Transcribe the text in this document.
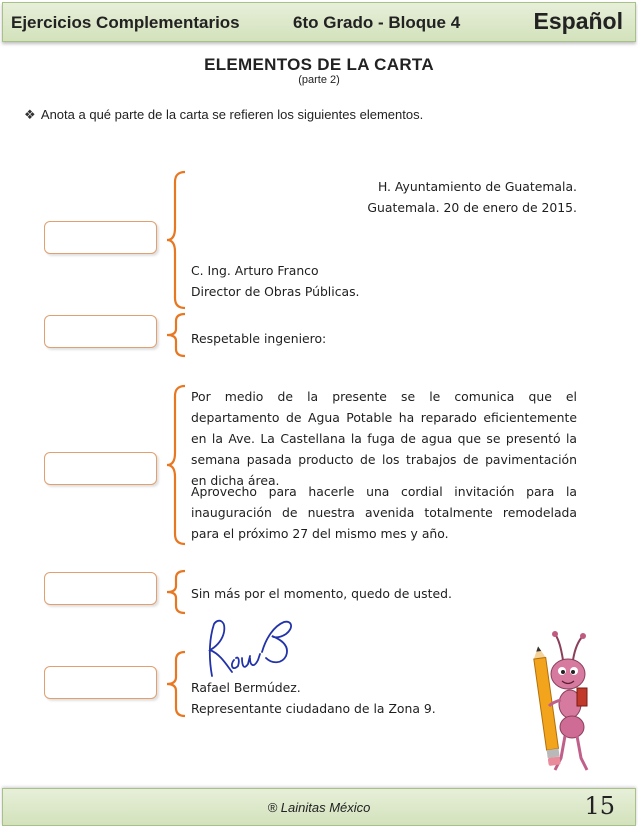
Ejercicios Complementarios	6to Grado - Bloque 4	Español
ELEMENTOS DE LA CARTA
(parte 2)
❖ Anota a qué parte de la carta se refieren los siguientes elementos.
H. Ayuntamiento de Guatemala.
Guatemala. 20 de enero de 2015.
C. Ing. Arturo Franco
Director de Obras Públicas.
Respetable ingeniero:
Por medio de la presente se le comunica que el departamento de Agua Potable ha reparado eficientemente en la Ave. La Castellana la fuga de agua que se presentó la semana pasada producto de los trabajos de pavimentación en dicha área.
Aprovecho para hacerle una cordial invitación para la inauguración de nuestra avenida totalmente remodelada para el próximo 27 del mismo mes y año.
Sin más por el momento, quedo de usted.
Rafael Bermúdez.
Representante ciudadano de la Zona 9.
® Lainitas México	15
